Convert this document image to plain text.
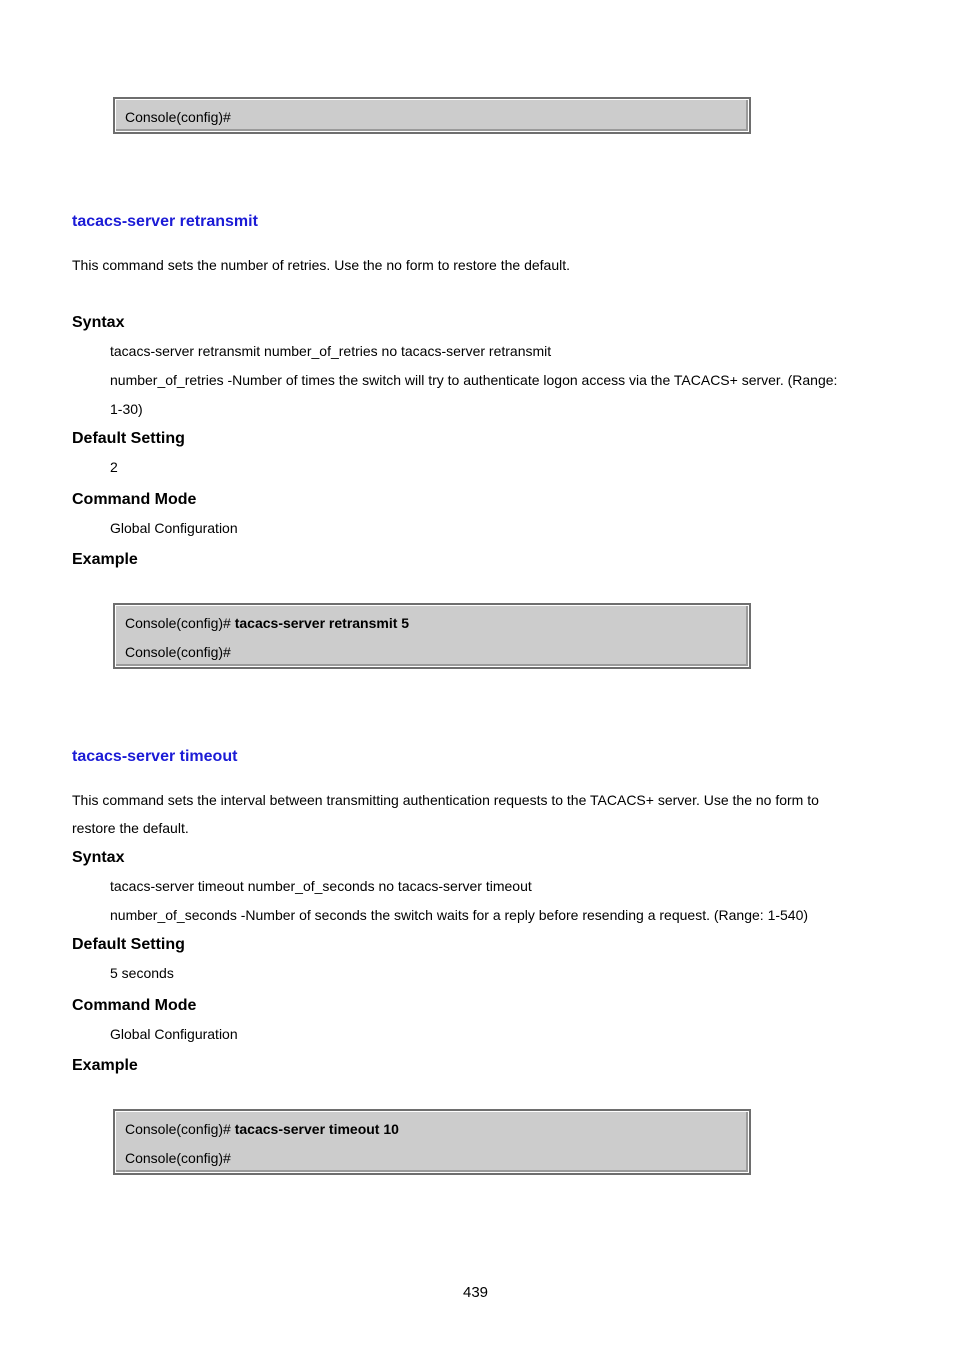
Console(config)#
tacacs-server retransmit
This command sets the number of retries. Use the no form to restore the default.
Syntax
tacacs-server retransmit number_of_retries no tacacs-server retransmit
number_of_retries -Number of times the switch will try to authenticate logon access via the TACACS+ server. (Range:
1-30)
Default Setting
2
Command Mode
Global Configuration
Example
Console(config)# tacacs-server retransmit 5
Console(config)#
tacacs-server timeout
This command sets the interval between transmitting authentication requests to the TACACS+ server. Use the no form to
restore the default.
Syntax
tacacs-server timeout number_of_seconds no tacacs-server timeout
number_of_seconds -Number of seconds the switch waits for a reply before resending a request. (Range: 1-540)
Default Setting
5 seconds
Command Mode
Global Configuration
Example
Console(config)# tacacs-server timeout 10
Console(config)#
439
